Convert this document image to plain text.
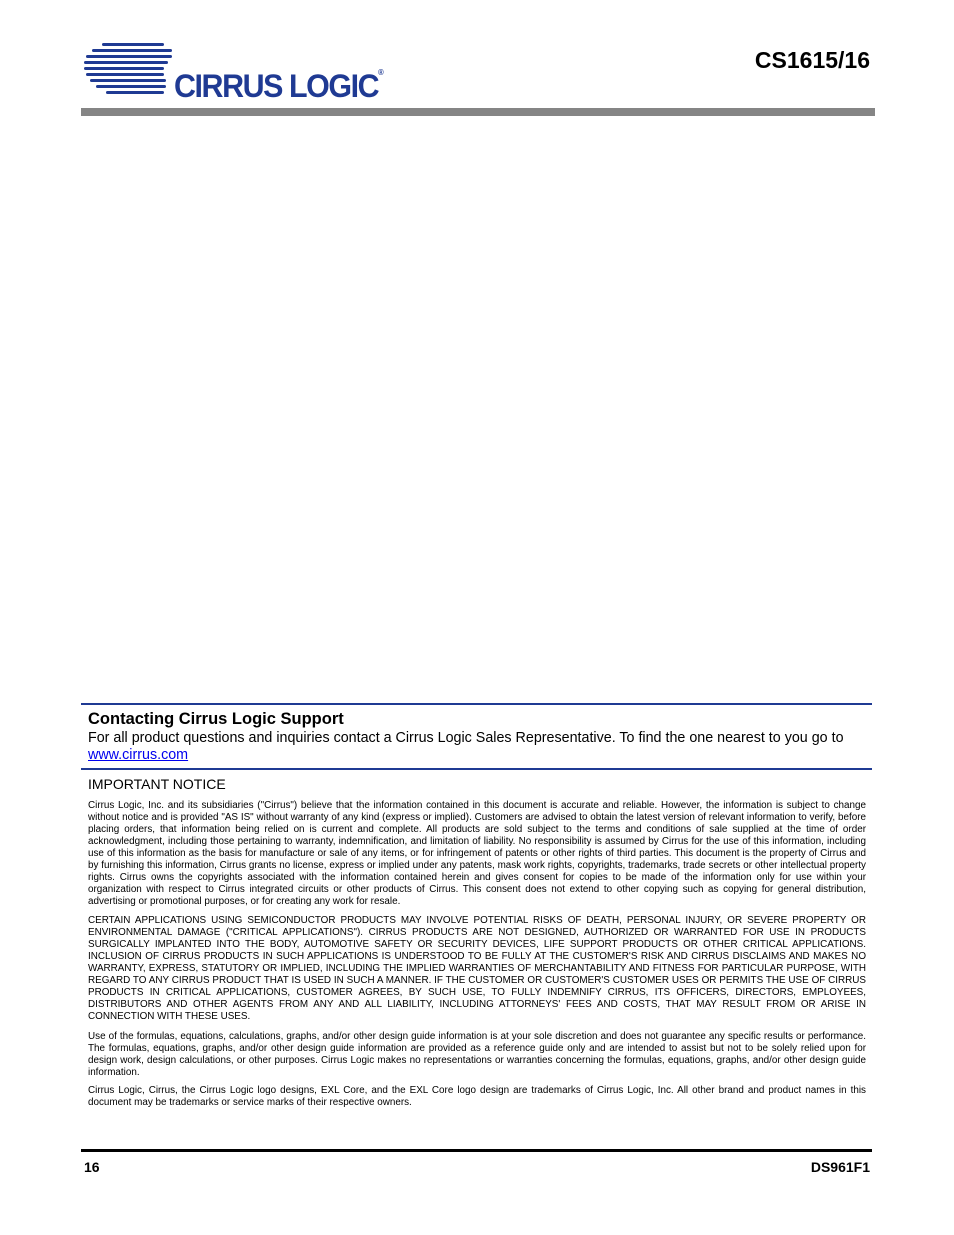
CIRRUS LOGIC®	CS1615/16
Contacting Cirrus Logic Support
For all product questions and inquiries contact a Cirrus Logic Sales Representative. To find the one nearest to you go to www.cirrus.com
IMPORTANT NOTICE
Cirrus Logic, Inc. and its subsidiaries ("Cirrus") believe that the information contained in this document is accurate and reliable. However, the information is subject to change without notice and is provided "AS IS" without warranty of any kind (express or implied). Customers are advised to obtain the latest version of relevant information to verify, before placing orders, that information being relied on is current and complete. All products are sold subject to the terms and conditions of sale supplied at the time of order acknowledgment, including those pertaining to warranty, indemnification, and limitation of liability. No responsibility is assumed by Cirrus for the use of this information, including use of this information as the basis for manufacture or sale of any items, or for infringement of patents or other rights of third parties. This document is the property of Cirrus and by furnishing this information, Cirrus grants no license, express or implied under any patents, mask work rights, copyrights, trademarks, trade secrets or other intellectual property rights. Cirrus owns the copyrights associated with the information contained herein and gives consent for copies to be made of the information only for use within your organization with respect to Cirrus integrated circuits or other products of Cirrus. This consent does not extend to other copying such as copying for general distribution, advertising or promotional purposes, or for creating any work for resale.
CERTAIN APPLICATIONS USING SEMICONDUCTOR PRODUCTS MAY INVOLVE POTENTIAL RISKS OF DEATH, PERSONAL INJURY, OR SEVERE PROPERTY OR ENVIRONMENTAL DAMAGE ("CRITICAL APPLICATIONS"). CIRRUS PRODUCTS ARE NOT DESIGNED, AUTHORIZED OR WARRANTED FOR USE IN PRODUCTS SURGICALLY IMPLANTED INTO THE BODY, AUTOMOTIVE SAFETY OR SECURITY DEVICES, LIFE SUPPORT PRODUCTS OR OTHER CRITICAL APPLICATIONS. INCLUSION OF CIRRUS PRODUCTS IN SUCH APPLICATIONS IS UNDERSTOOD TO BE FULLY AT THE CUSTOMER'S RISK AND CIRRUS DISCLAIMS AND MAKES NO WARRANTY, EXPRESS, STATUTORY OR IMPLIED, INCLUDING THE IMPLIED WARRANTIES OF MERCHANTABILITY AND FITNESS FOR PARTICULAR PURPOSE, WITH REGARD TO ANY CIRRUS PRODUCT THAT IS USED IN SUCH A MANNER. IF THE CUSTOMER OR CUSTOMER'S CUSTOMER USES OR PERMITS THE USE OF CIRRUS PRODUCTS IN CRITICAL APPLICATIONS, CUSTOMER AGREES, BY SUCH USE, TO FULLY INDEMNIFY CIRRUS, ITS OFFICERS, DIRECTORS, EMPLOYEES, DISTRIBUTORS AND OTHER AGENTS FROM ANY AND ALL LIABILITY, INCLUDING ATTORNEYS' FEES AND COSTS, THAT MAY RESULT FROM OR ARISE IN CONNECTION WITH THESE USES.
Use of the formulas, equations, calculations, graphs, and/or other design guide information is at your sole discretion and does not guarantee any specific results or performance. The formulas, equations, graphs, and/or other design guide information are provided as a reference guide only and are intended to assist but not to be solely relied upon for design work, design calculations, or other purposes. Cirrus Logic makes no representations or warranties concerning the formulas, equations, graphs, and/or other design guide information.
Cirrus Logic, Cirrus, the Cirrus Logic logo designs, EXL Core, and the EXL Core logo design are trademarks of Cirrus Logic, Inc. All other brand and product names in this document may be trademarks or service marks of their respective owners.
16	DS961F1
